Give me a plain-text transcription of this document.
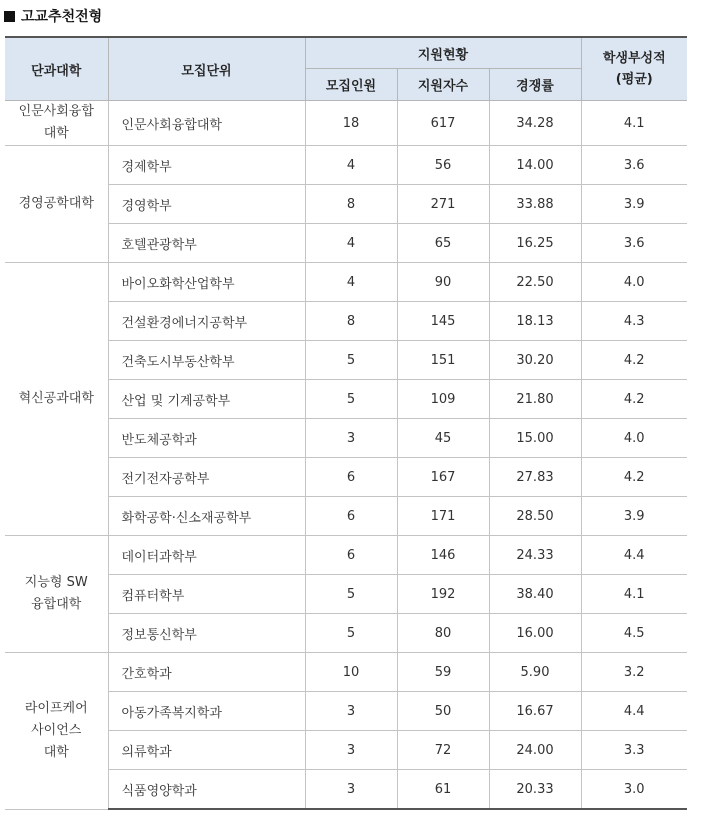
고교추천전형
단과대학	모집단위	지원현황			학생부성적
(평균)

		모집인원	지원자수	경쟁률	

인문사회융합
대학	인문사회융합대학	18	617	34.28	4.1

경영공학대학	경제학부	4	56	14.00	3.6
	경영학부	8	271	33.88	3.9
	호텔관광학부	4	65	16.25	3.6

혁신공과대학	바이오화학산업학부	4	90	22.50	4.0
	건설환경에너지공학부	8	145	18.13	4.3
	건축도시부동산학부	5	151	30.20	4.2
	산업 및 기계공학부	5	109	21.80	4.2
	반도체공학과	3	45	15.00	4.0
	전기전자공학부	6	167	27.83	4.2
	화학공학·신소재공학부	6	171	28.50	3.9

지능형 SW
융합대학	데이터과학부	6	146	24.33	4.4
	컴퓨터학부	5	192	38.40	4.1
	정보통신학부	5	80	16.00	4.5

라이프케어
사이언스
대학	간호학과	10	59	5.90	3.2
	아동가족복지학과	3	50	16.67	4.4
	의류학과	3	72	24.00	3.3
	식품영양학과	3	61	20.33	3.0
